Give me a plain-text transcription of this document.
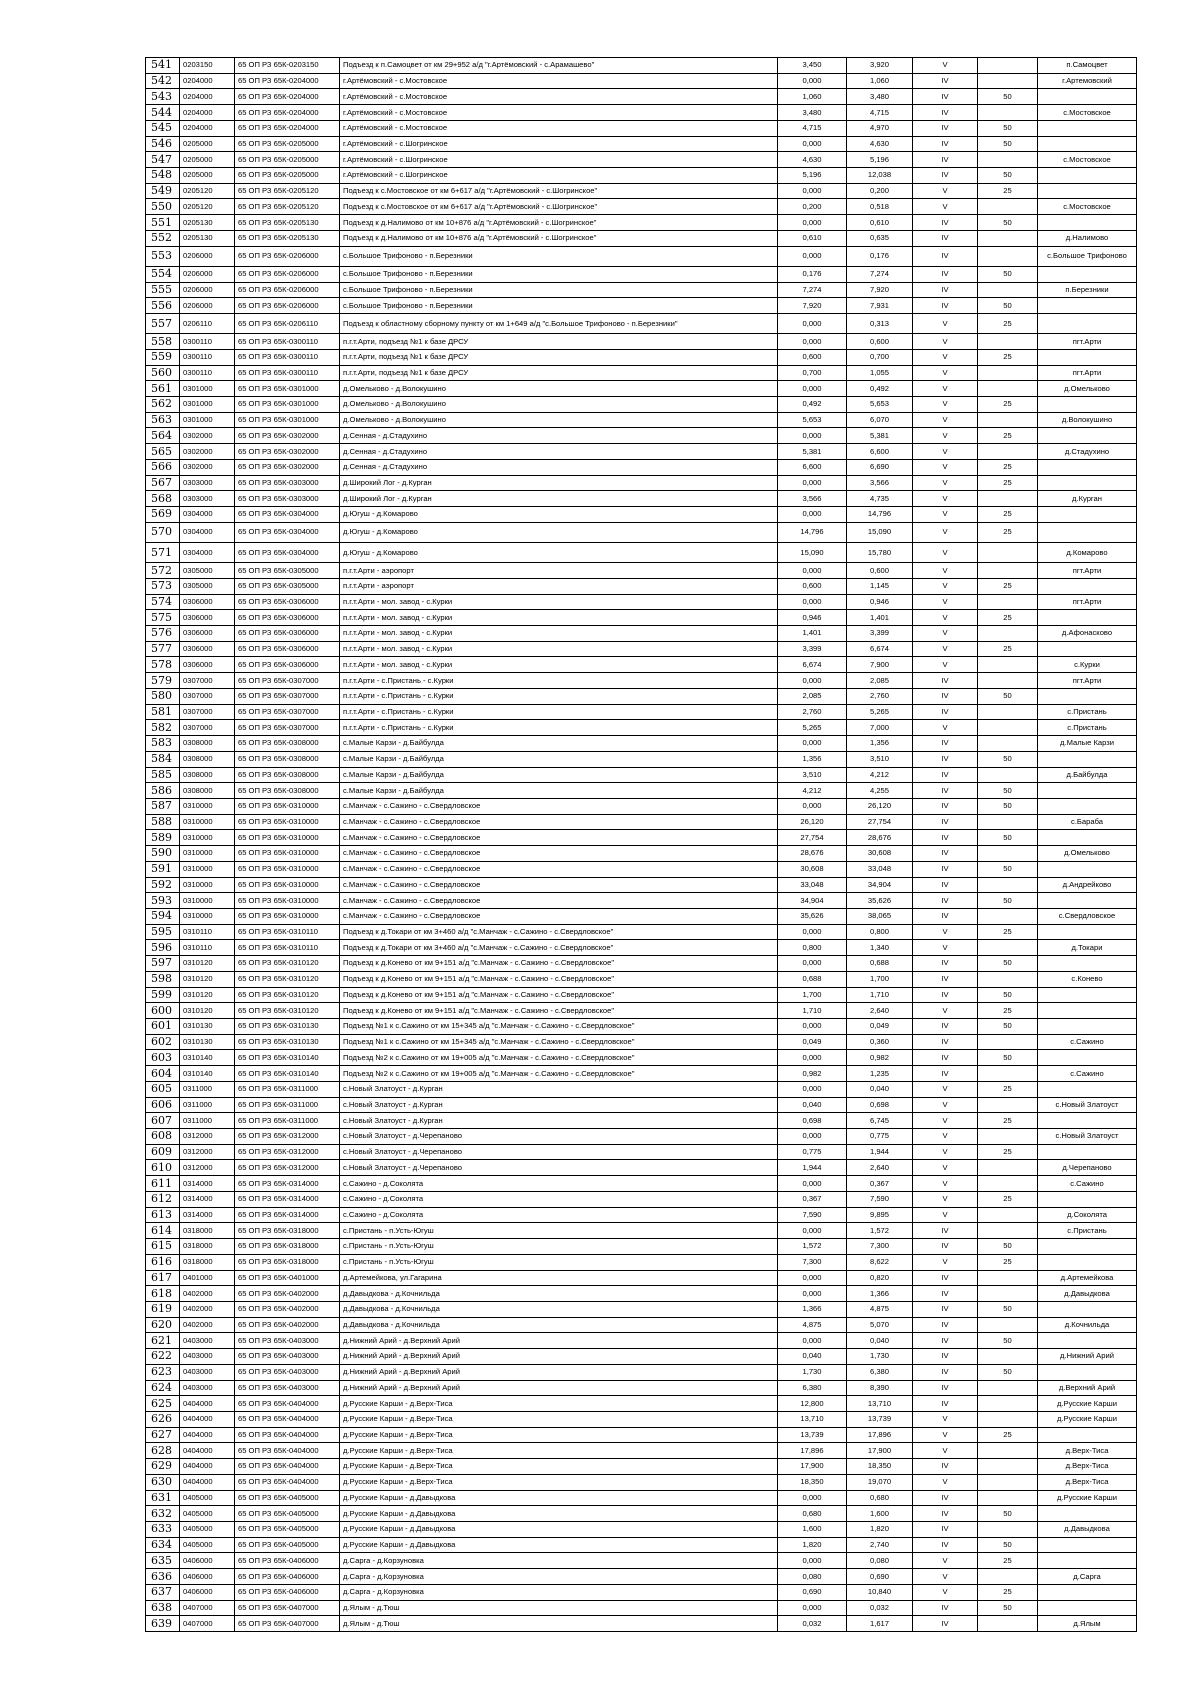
541	0203150	65 ОП РЗ 65К-0203150	Подъезд к п.Самоцвет от км 29+952 а/д "г.Артёмовский - с.Арамашево"	3,450	3,920	V		п.Самоцвет
542	0204000	65 ОП РЗ 65К-0204000	г.Артёмовский - с.Мостовское	0,000	1,060	IV		г.Артемовский
543	0204000	65 ОП РЗ 65К-0204000	г.Артёмовский - с.Мостовское	1,060	3,480	IV	50	
544	0204000	65 ОП РЗ 65К-0204000	г.Артёмовский - с.Мостовское	3,480	4,715	IV		с.Мостовское
545	0204000	65 ОП РЗ 65К-0204000	г.Артёмовский - с.Мостовское	4,715	4,970	IV	50	
546	0205000	65 ОП РЗ 65К-0205000	г.Артёмовский - с.Шогринское	0,000	4,630	IV	50	
547	0205000	65 ОП РЗ 65К-0205000	г.Артёмовский - с.Шогринское	4,630	5,196	IV		с.Мостовское
548	0205000	65 ОП РЗ 65К-0205000	г.Артёмовский - с.Шогринское	5,196	12,038	IV	50	
549	0205120	65 ОП РЗ 65К-0205120	Подъезд к с.Мостовское от км 6+617 а/д "г.Артёмовский - с.Шогринское"	0,000	0,200	V	25	
550	0205120	65 ОП РЗ 65К-0205120	Подъезд к с.Мостовское от км 6+617 а/д "г.Артёмовский - с.Шогринское"	0,200	0,518	V		с.Мостовское
551	0205130	65 ОП РЗ 65К-0205130	Подъезд к д.Налимово от км 10+876 а/д "г.Артёмовский - с.Шогринское"	0,000	0,610	IV	50	
552	0205130	65 ОП РЗ 65К-0205130	Подъезд к д.Налимово от км 10+876 а/д "г.Артёмовский - с.Шогринское"	0,610	0,635	IV		д.Налимово
553	0206000	65 ОП РЗ 65К-0206000	с.Большое Трифоново - п.Березники	0,000	0,176	IV		с.Большое Трифоново
554	0206000	65 ОП РЗ 65К-0206000	с.Большое Трифоново - п.Березники	0,176	7,274	IV	50	
555	0206000	65 ОП РЗ 65К-0206000	с.Большое Трифоново - п.Березники	7,274	7,920	IV		п.Березники
556	0206000	65 ОП РЗ 65К-0206000	с.Большое Трифоново - п.Березники	7,920	7,931	IV	50	
557	0206110	65 ОП РЗ 65К-0206110	Подъезд к областному сборному пункту от км 1+649 а/д "с.Большое Трифоново - п.Березники"	0,000	0,313	V	25	
558	0300110	65 ОП РЗ 65К-0300110	п.г.т.Арти, подъезд №1 к базе ДРСУ	0,000	0,600	V		пгт.Арти
559	0300110	65 ОП РЗ 65К-0300110	п.г.т.Арти, подъезд №1 к базе ДРСУ	0,600	0,700	V	25	
560	0300110	65 ОП РЗ 65К-0300110	п.г.т.Арти, подъезд №1 к базе ДРСУ	0,700	1,055	V		пгт.Арти
561	0301000	65 ОП РЗ 65К-0301000	д.Омельково - д.Волокушино	0,000	0,492	V		д.Омельково
562	0301000	65 ОП РЗ 65К-0301000	д.Омельково - д.Волокушино	0,492	5,653	V	25	
563	0301000	65 ОП РЗ 65К-0301000	д.Омельково - д.Волокушино	5,653	6,070	V		д.Волокушино
564	0302000	65 ОП РЗ 65К-0302000	д.Сенная - д.Стадухино	0,000	5,381	V	25	
565	0302000	65 ОП РЗ 65К-0302000	д.Сенная - д.Стадухино	5,381	6,600	V		д.Стадухино
566	0302000	65 ОП РЗ 65К-0302000	д.Сенная - д.Стадухино	6,600	6,690	V	25	
567	0303000	65 ОП РЗ 65К-0303000	д.Широкий Лог - д.Курган	0,000	3,566	V	25	
568	0303000	65 ОП РЗ 65К-0303000	д.Широкий Лог - д.Курган	3,566	4,735	V		д.Курган
569	0304000	65 ОП РЗ 65К-0304000	д.Югуш - д.Комарово	0,000	14,796	V	25	
570	0304000	65 ОП РЗ 65К-0304000	д.Югуш - д.Комарово	14,796	15,090	V	25	
571	0304000	65 ОП РЗ 65К-0304000	д.Югуш - д.Комарово	15,090	15,780	V		д.Комарово
572	0305000	65 ОП РЗ 65К-0305000	п.г.т.Арти - аэропорт	0,000	0,600	V		пгт.Арти
573	0305000	65 ОП РЗ 65К-0305000	п.г.т.Арти - аэропорт	0,600	1,145	V	25	
574	0306000	65 ОП РЗ 65К-0306000	п.г.т.Арти - мол. завод - с.Курки	0,000	0,946	V		пгт.Арти
575	0306000	65 ОП РЗ 65К-0306000	п.г.т.Арти - мол. завод - с.Курки	0,946	1,401	V	25	
576	0306000	65 ОП РЗ 65К-0306000	п.г.т.Арти - мол. завод - с.Курки	1,401	3,399	V		д.Афонасково
577	0306000	65 ОП РЗ 65К-0306000	п.г.т.Арти - мол. завод - с.Курки	3,399	6,674	V	25	
578	0306000	65 ОП РЗ 65К-0306000	п.г.т.Арти - мол. завод - с.Курки	6,674	7,900	V		с.Курки
579	0307000	65 ОП РЗ 65К-0307000	п.г.т.Арти - с.Пристань - с.Курки	0,000	2,085	IV		пгт.Арти
580	0307000	65 ОП РЗ 65К-0307000	п.г.т.Арти - с.Пристань - с.Курки	2,085	2,760	IV	50	
581	0307000	65 ОП РЗ 65К-0307000	п.г.т.Арти - с.Пристань - с.Курки	2,760	5,265	IV		с.Пристань
582	0307000	65 ОП РЗ 65К-0307000	п.г.т.Арти - с.Пристань - с.Курки	5,265	7,000	V		с.Пристань
583	0308000	65 ОП РЗ 65К-0308000	с.Малые Карзи - д.Байбулда	0,000	1,356	IV		д.Малые Карзи
584	0308000	65 ОП РЗ 65К-0308000	с.Малые Карзи - д.Байбулда	1,356	3,510	IV	50	
585	0308000	65 ОП РЗ 65К-0308000	с.Малые Карзи - д.Байбулда	3,510	4,212	IV		д.Байбулда
586	0308000	65 ОП РЗ 65К-0308000	с.Малые Карзи - д.Байбулда	4,212	4,255	IV	50	
587	0310000	65 ОП РЗ 65К-0310000	с.Манчаж - с.Сажино - с.Свердловское	0,000	26,120	IV	50	
588	0310000	65 ОП РЗ 65К-0310000	с.Манчаж - с.Сажино - с.Свердловское	26,120	27,754	IV		с.Бараба
589	0310000	65 ОП РЗ 65К-0310000	с.Манчаж - с.Сажино - с.Свердловское	27,754	28,676	IV	50	
590	0310000	65 ОП РЗ 65К-0310000	с.Манчаж - с.Сажино - с.Свердловское	28,676	30,608	IV		д.Омельково
591	0310000	65 ОП РЗ 65К-0310000	с.Манчаж - с.Сажино - с.Свердловское	30,608	33,048	IV	50	
592	0310000	65 ОП РЗ 65К-0310000	с.Манчаж - с.Сажино - с.Свердловское	33,048	34,904	IV		д.Андрейково
593	0310000	65 ОП РЗ 65К-0310000	с.Манчаж - с.Сажино - с.Свердловское	34,904	35,626	IV	50	
594	0310000	65 ОП РЗ 65К-0310000	с.Манчаж - с.Сажино - с.Свердловское	35,626	38,065	IV		с.Свердловское
595	0310110	65 ОП РЗ 65К-0310110	Подъезд к д.Токари от км 3+460 а/д "с.Манчаж - с.Сажино - с.Свердловское"	0,000	0,800	V	25	
596	0310110	65 ОП РЗ 65К-0310110	Подъезд к д.Токари от км 3+460 а/д "с.Манчаж - с.Сажино - с.Свердловское"	0,800	1,340	V		д.Токари
597	0310120	65 ОП РЗ 65К-0310120	Подъезд к д.Конево от км 9+151 а/д "с.Манчаж - с.Сажино - с.Свердловское"	0,000	0,688	IV	50	
598	0310120	65 ОП РЗ 65К-0310120	Подъезд к д.Конево от км 9+151 а/д "с.Манчаж - с.Сажино - с.Свердловское"	0,688	1,700	IV		с.Конево
599	0310120	65 ОП РЗ 65К-0310120	Подъезд к д.Конево от км 9+151 а/д "с.Манчаж - с.Сажино - с.Свердловское"	1,700	1,710	IV	50	
600	0310120	65 ОП РЗ 65К-0310120	Подъезд к д.Конево от км 9+151 а/д "с.Манчаж - с.Сажино - с.Свердловское"	1,710	2,640	V	25	
601	0310130	65 ОП РЗ 65К-0310130	Подъезд №1 к с.Сажино от км 15+345 а/д "с.Манчаж - с.Сажино - с.Свердловское"	0,000	0,049	IV	50	
602	0310130	65 ОП РЗ 65К-0310130	Подъезд №1 к с.Сажино от км 15+345 а/д "с.Манчаж - с.Сажино - с.Свердловское"	0,049	0,360	IV		с.Сажино
603	0310140	65 ОП РЗ 65К-0310140	Подъезд №2 к с.Сажино от км 19+005 а/д "с.Манчаж - с.Сажино - с.Свердловское"	0,000	0,982	IV	50	
604	0310140	65 ОП РЗ 65К-0310140	Подъезд №2 к с.Сажино от км 19+005 а/д "с.Манчаж - с.Сажино - с.Свердловское"	0,982	1,235	IV		с.Сажино
605	0311000	65 ОП РЗ 65К-0311000	с.Новый Златоуст - д.Курган	0,000	0,040	V	25	
606	0311000	65 ОП РЗ 65К-0311000	с.Новый Златоуст - д.Курган	0,040	0,698	V		с.Новый Златоуст
607	0311000	65 ОП РЗ 65К-0311000	с.Новый Златоуст - д.Курган	0,698	6,745	V	25	
608	0312000	65 ОП РЗ 65К-0312000	с.Новый Златоуст - д.Черепаново	0,000	0,775	V		с.Новый Златоуст
609	0312000	65 ОП РЗ 65К-0312000	с.Новый Златоуст - д.Черепаново	0,775	1,944	V	25	
610	0312000	65 ОП РЗ 65К-0312000	с.Новый Златоуст - д.Черепаново	1,944	2,640	V		д.Черепаново
611	0314000	65 ОП РЗ 65К-0314000	с.Сажино - д.Соколята	0,000	0,367	V		с.Сажино
612	0314000	65 ОП РЗ 65К-0314000	с.Сажино - д.Соколята	0,367	7,590	V	25	
613	0314000	65 ОП РЗ 65К-0314000	с.Сажино - д.Соколята	7,590	9,895	V		д.Соколята
614	0318000	65 ОП РЗ 65К-0318000	с.Пристань - п.Усть-Югуш	0,000	1,572	IV		с.Пристань
615	0318000	65 ОП РЗ 65К-0318000	с.Пристань - п.Усть-Югуш	1,572	7,300	IV	50	
616	0318000	65 ОП РЗ 65К-0318000	с.Пристань - п.Усть-Югуш	7,300	8,622	V	25	
617	0401000	65 ОП РЗ 65К-0401000	д.Артемейкова, ул.Гагарина	0,000	0,820	IV		д.Артемейкова
618	0402000	65 ОП РЗ 65К-0402000	д.Давыдкова - д.Кочнильда	0,000	1,366	IV		д.Давыдкова
619	0402000	65 ОП РЗ 65К-0402000	д.Давыдкова - д.Кочнильда	1,366	4,875	IV	50	
620	0402000	65 ОП РЗ 65К-0402000	д.Давыдкова - д.Кочнильда	4,875	5,070	IV		д.Кочнильда
621	0403000	65 ОП РЗ 65К-0403000	д.Нижний Арий - д.Верхний Арий	0,000	0,040	IV	50	
622	0403000	65 ОП РЗ 65К-0403000	д.Нижний Арий - д.Верхний Арий	0,040	1,730	IV		д.Нижний Арий
623	0403000	65 ОП РЗ 65К-0403000	д.Нижний Арий - д.Верхний Арий	1,730	6,380	IV	50	
624	0403000	65 ОП РЗ 65К-0403000	д.Нижний Арий - д.Верхний Арий	6,380	8,390	IV		д.Верхний Арий
625	0404000	65 ОП РЗ 65К-0404000	д.Русские Карши - д.Верх-Тиса	12,800	13,710	IV		д.Русские Карши
626	0404000	65 ОП РЗ 65К-0404000	д.Русские Карши - д.Верх-Тиса	13,710	13,739	V		д.Русские Карши
627	0404000	65 ОП РЗ 65К-0404000	д.Русские Карши - д.Верх-Тиса	13,739	17,896	V	25	
628	0404000	65 ОП РЗ 65К-0404000	д.Русские Карши - д.Верх-Тиса	17,896	17,900	V		д.Верх-Тиса
629	0404000	65 ОП РЗ 65К-0404000	д.Русские Карши - д.Верх-Тиса	17,900	18,350	IV		д.Верх-Тиса
630	0404000	65 ОП РЗ 65К-0404000	д.Русские Карши - д.Верх-Тиса	18,350	19,070	V		д.Верх-Тиса
631	0405000	65 ОП РЗ 65К-0405000	д.Русские Карши - д.Давыдкова	0,000	0,680	IV		д.Русские Карши
632	0405000	65 ОП РЗ 65К-0405000	д.Русские Карши - д.Давыдкова	0,680	1,600	IV	50	
633	0405000	65 ОП РЗ 65К-0405000	д.Русские Карши - д.Давыдкова	1,600	1,820	IV		д.Давыдкова
634	0405000	65 ОП РЗ 65К-0405000	д.Русские Карши - д.Давыдкова	1,820	2,740	IV	50	
635	0406000	65 ОП РЗ 65К-0406000	д.Сарга - д.Корзуновка	0,000	0,080	V	25	
636	0406000	65 ОП РЗ 65К-0406000	д.Сарга - д.Корзуновка	0,080	0,690	V		д.Сарга
637	0406000	65 ОП РЗ 65К-0406000	д.Сарга - д.Корзуновка	0,690	10,840	V	25	
638	0407000	65 ОП РЗ 65К-0407000	д.Ялым - д.Тюш	0,000	0,032	IV	50	
639	0407000	65 ОП РЗ 65К-0407000	д.Ялым - д.Тюш	0,032	1,617	IV		д.Ялым
